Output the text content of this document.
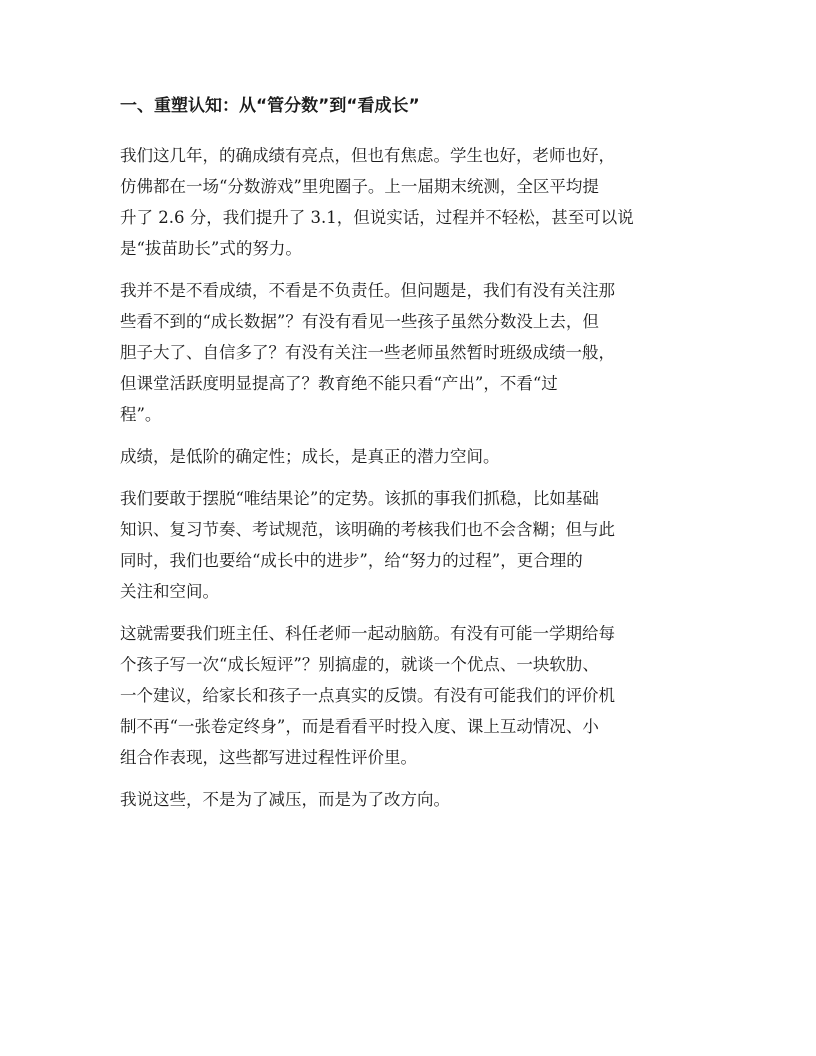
一、重塑认知：从“管分数”到“看成长”

我们这几年，的确成绩有亮点，但也有焦虑。学生也好，老师也好，
仿佛都在一场“分数游戏”里兜圈子。上一届期末统测，全区平均提
升了 2.6 分，我们提升了 3.1，但说实话，过程并不轻松，甚至可以说
是“拔苗助长”式的努力。

我并不是不看成绩，不看是不负责任。但问题是，我们有没有关注那
些看不到的“成长数据”？有没有看见一些孩子虽然分数没上去，但
胆子大了、自信多了？有没有关注一些老师虽然暂时班级成绩一般，
但课堂活跃度明显提高了？教育绝不能只看“产出”，不看“过
程”。

成绩，是低阶的确定性；成长，是真正的潜力空间。

我们要敢于摆脱“唯结果论”的定势。该抓的事我们抓稳，比如基础
知识、复习节奏、考试规范，该明确的考核我们也不会含糊；但与此
同时，我们也要给“成长中的进步”，给“努力的过程”，更合理的
关注和空间。

这就需要我们班主任、科任老师一起动脑筋。有没有可能一学期给每
个孩子写一次“成长短评”？别搞虚的，就谈一个优点、一块软肋、
一个建议，给家长和孩子一点真实的反馈。有没有可能我们的评价机
制不再“一张卷定终身”，而是看看平时投入度、课上互动情况、小
组合作表现，这些都写进过程性评价里。

我说这些，不是为了减压，而是为了改方向。
